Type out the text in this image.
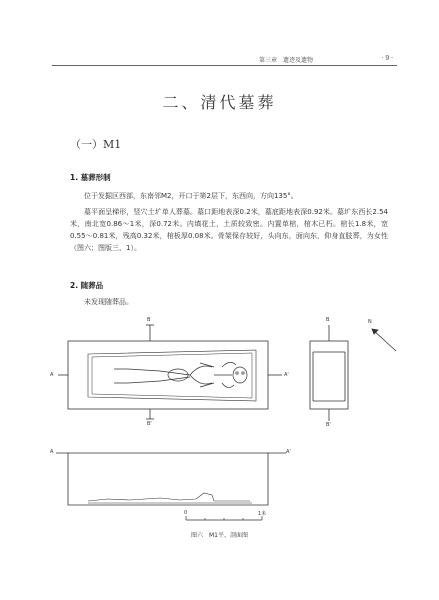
第三章　遗迹及遗物	· 9 ·
二、清代墓葬
（一）M1
1. 墓葬形制
位于发掘区西部，东南邻M2，开口于第2层下，东西向，方向135°。
墓平面呈梯形，竖穴土圹单人葬墓。墓口距地表深0.2米，墓底距地表深0.92米。墓圹东西长2.54米，南北宽0.86～1米，深0.72米。内填花土，土质较致密。内置单棺，棺木已朽。棺长1.8米，宽0.55～0.81米，残高0.32米，棺板厚0.08米。骨架保存较好，头向东，面向东，仰身直肢葬，为女性（图六；图版三，1）。
2. 随葬品
未发现随葬品。
A	A'
B
B'
B
B'
N
A	A'
0	1米
图六　M1平、剖面图
